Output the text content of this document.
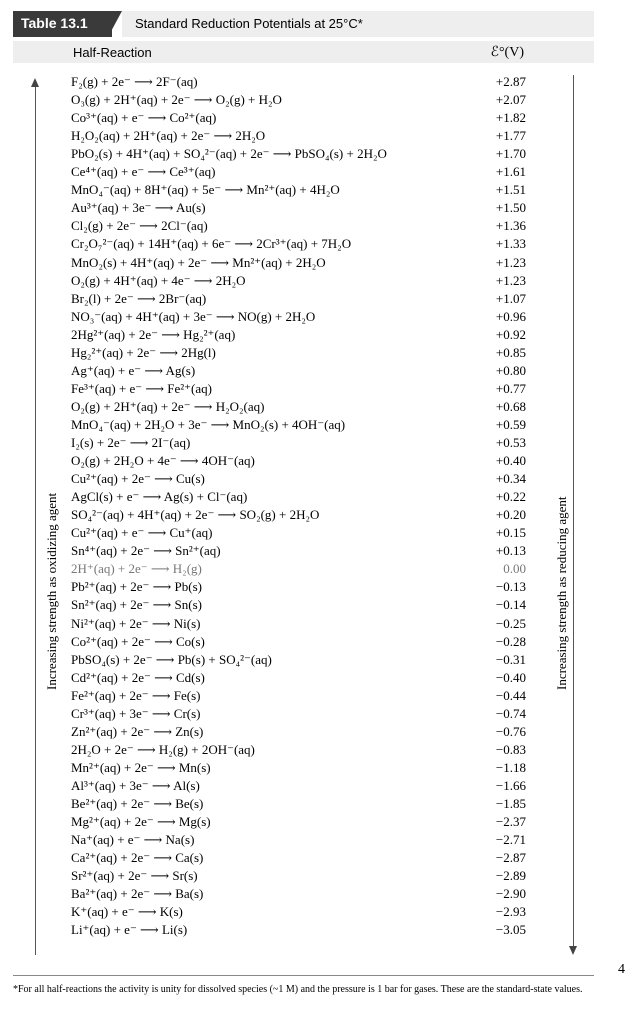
Table 13.1	Standard Reduction Potentials at 25°C*
Half-Reaction	ℰ°(V)
Increasing strength as oxidizing agent	Increasing strength as reducing agent
F₂(g) + 2e⁻ ⟶ 2F⁻(aq)	+2.87
O₃(g) + 2H⁺(aq) + 2e⁻ ⟶ O₂(g) + H₂O	+2.07
Co³⁺(aq) + e⁻ ⟶ Co²⁺(aq)	+1.82
H₂O₂(aq) + 2H⁺(aq) + 2e⁻ ⟶ 2H₂O	+1.77
PbO₂(s) + 4H⁺(aq) + SO₄²⁻(aq) + 2e⁻ ⟶ PbSO₄(s) + 2H₂O	+1.70
Ce⁴⁺(aq) + e⁻ ⟶ Ce³⁺(aq)	+1.61
MnO₄⁻(aq) + 8H⁺(aq) + 5e⁻ ⟶ Mn²⁺(aq) + 4H₂O	+1.51
Au³⁺(aq) + 3e⁻ ⟶ Au(s)	+1.50
Cl₂(g) + 2e⁻ ⟶ 2Cl⁻(aq)	+1.36
Cr₂O₇²⁻(aq) + 14H⁺(aq) + 6e⁻ ⟶ 2Cr³⁺(aq) + 7H₂O	+1.33
MnO₂(s) + 4H⁺(aq) + 2e⁻ ⟶ Mn²⁺(aq) + 2H₂O	+1.23
O₂(g) + 4H⁺(aq) + 4e⁻ ⟶ 2H₂O	+1.23
Br₂(l) + 2e⁻ ⟶ 2Br⁻(aq)	+1.07
NO₃⁻(aq) + 4H⁺(aq) + 3e⁻ ⟶ NO(g) + 2H₂O	+0.96
2Hg²⁺(aq) + 2e⁻ ⟶ Hg₂²⁺(aq)	+0.92
Hg₂²⁺(aq) + 2e⁻ ⟶ 2Hg(l)	+0.85
Ag⁺(aq) + e⁻ ⟶ Ag(s)	+0.80
Fe³⁺(aq) + e⁻ ⟶ Fe²⁺(aq)	+0.77
O₂(g) + 2H⁺(aq) + 2e⁻ ⟶ H₂O₂(aq)	+0.68
MnO₄⁻(aq) + 2H₂O + 3e⁻ ⟶ MnO₂(s) + 4OH⁻(aq)	+0.59
I₂(s) + 2e⁻ ⟶ 2I⁻(aq)	+0.53
O₂(g) + 2H₂O + 4e⁻ ⟶ 4OH⁻(aq)	+0.40
Cu²⁺(aq) + 2e⁻ ⟶ Cu(s)	+0.34
AgCl(s) + e⁻ ⟶ Ag(s) + Cl⁻(aq)	+0.22
SO₄²⁻(aq) + 4H⁺(aq) + 2e⁻ ⟶ SO₂(g) + 2H₂O	+0.20
Cu²⁺(aq) + e⁻ ⟶ Cu⁺(aq)	+0.15
Sn⁴⁺(aq) + 2e⁻ ⟶ Sn²⁺(aq)	+0.13
2H⁺(aq) + 2e⁻ ⟶ H₂(g)	0.00
Pb²⁺(aq) + 2e⁻ ⟶ Pb(s)	−0.13
Sn²⁺(aq) + 2e⁻ ⟶ Sn(s)	−0.14
Ni²⁺(aq) + 2e⁻ ⟶ Ni(s)	−0.25
Co²⁺(aq) + 2e⁻ ⟶ Co(s)	−0.28
PbSO₄(s) + 2e⁻ ⟶ Pb(s) + SO₄²⁻(aq)	−0.31
Cd²⁺(aq) + 2e⁻ ⟶ Cd(s)	−0.40
Fe²⁺(aq) + 2e⁻ ⟶ Fe(s)	−0.44
Cr³⁺(aq) + 3e⁻ ⟶ Cr(s)	−0.74
Zn²⁺(aq) + 2e⁻ ⟶ Zn(s)	−0.76
2H₂O + 2e⁻ ⟶ H₂(g) + 2OH⁻(aq)	−0.83
Mn²⁺(aq) + 2e⁻ ⟶ Mn(s)	−1.18
Al³⁺(aq) + 3e⁻ ⟶ Al(s)	−1.66
Be²⁺(aq) + 2e⁻ ⟶ Be(s)	−1.85
Mg²⁺(aq) + 2e⁻ ⟶ Mg(s)	−2.37
Na⁺(aq) + e⁻ ⟶ Na(s)	−2.71
Ca²⁺(aq) + 2e⁻ ⟶ Ca(s)	−2.87
Sr²⁺(aq) + 2e⁻ ⟶ Sr(s)	−2.89
Ba²⁺(aq) + 2e⁻ ⟶ Ba(s)	−2.90
K⁺(aq) + e⁻ ⟶ K(s)	−2.93
Li⁺(aq) + e⁻ ⟶ Li(s)	−3.05
4
*For all half-reactions the activity is unity for dissolved species (~1 M) and the pressure is 1 bar for gases. These are the standard-state values.
